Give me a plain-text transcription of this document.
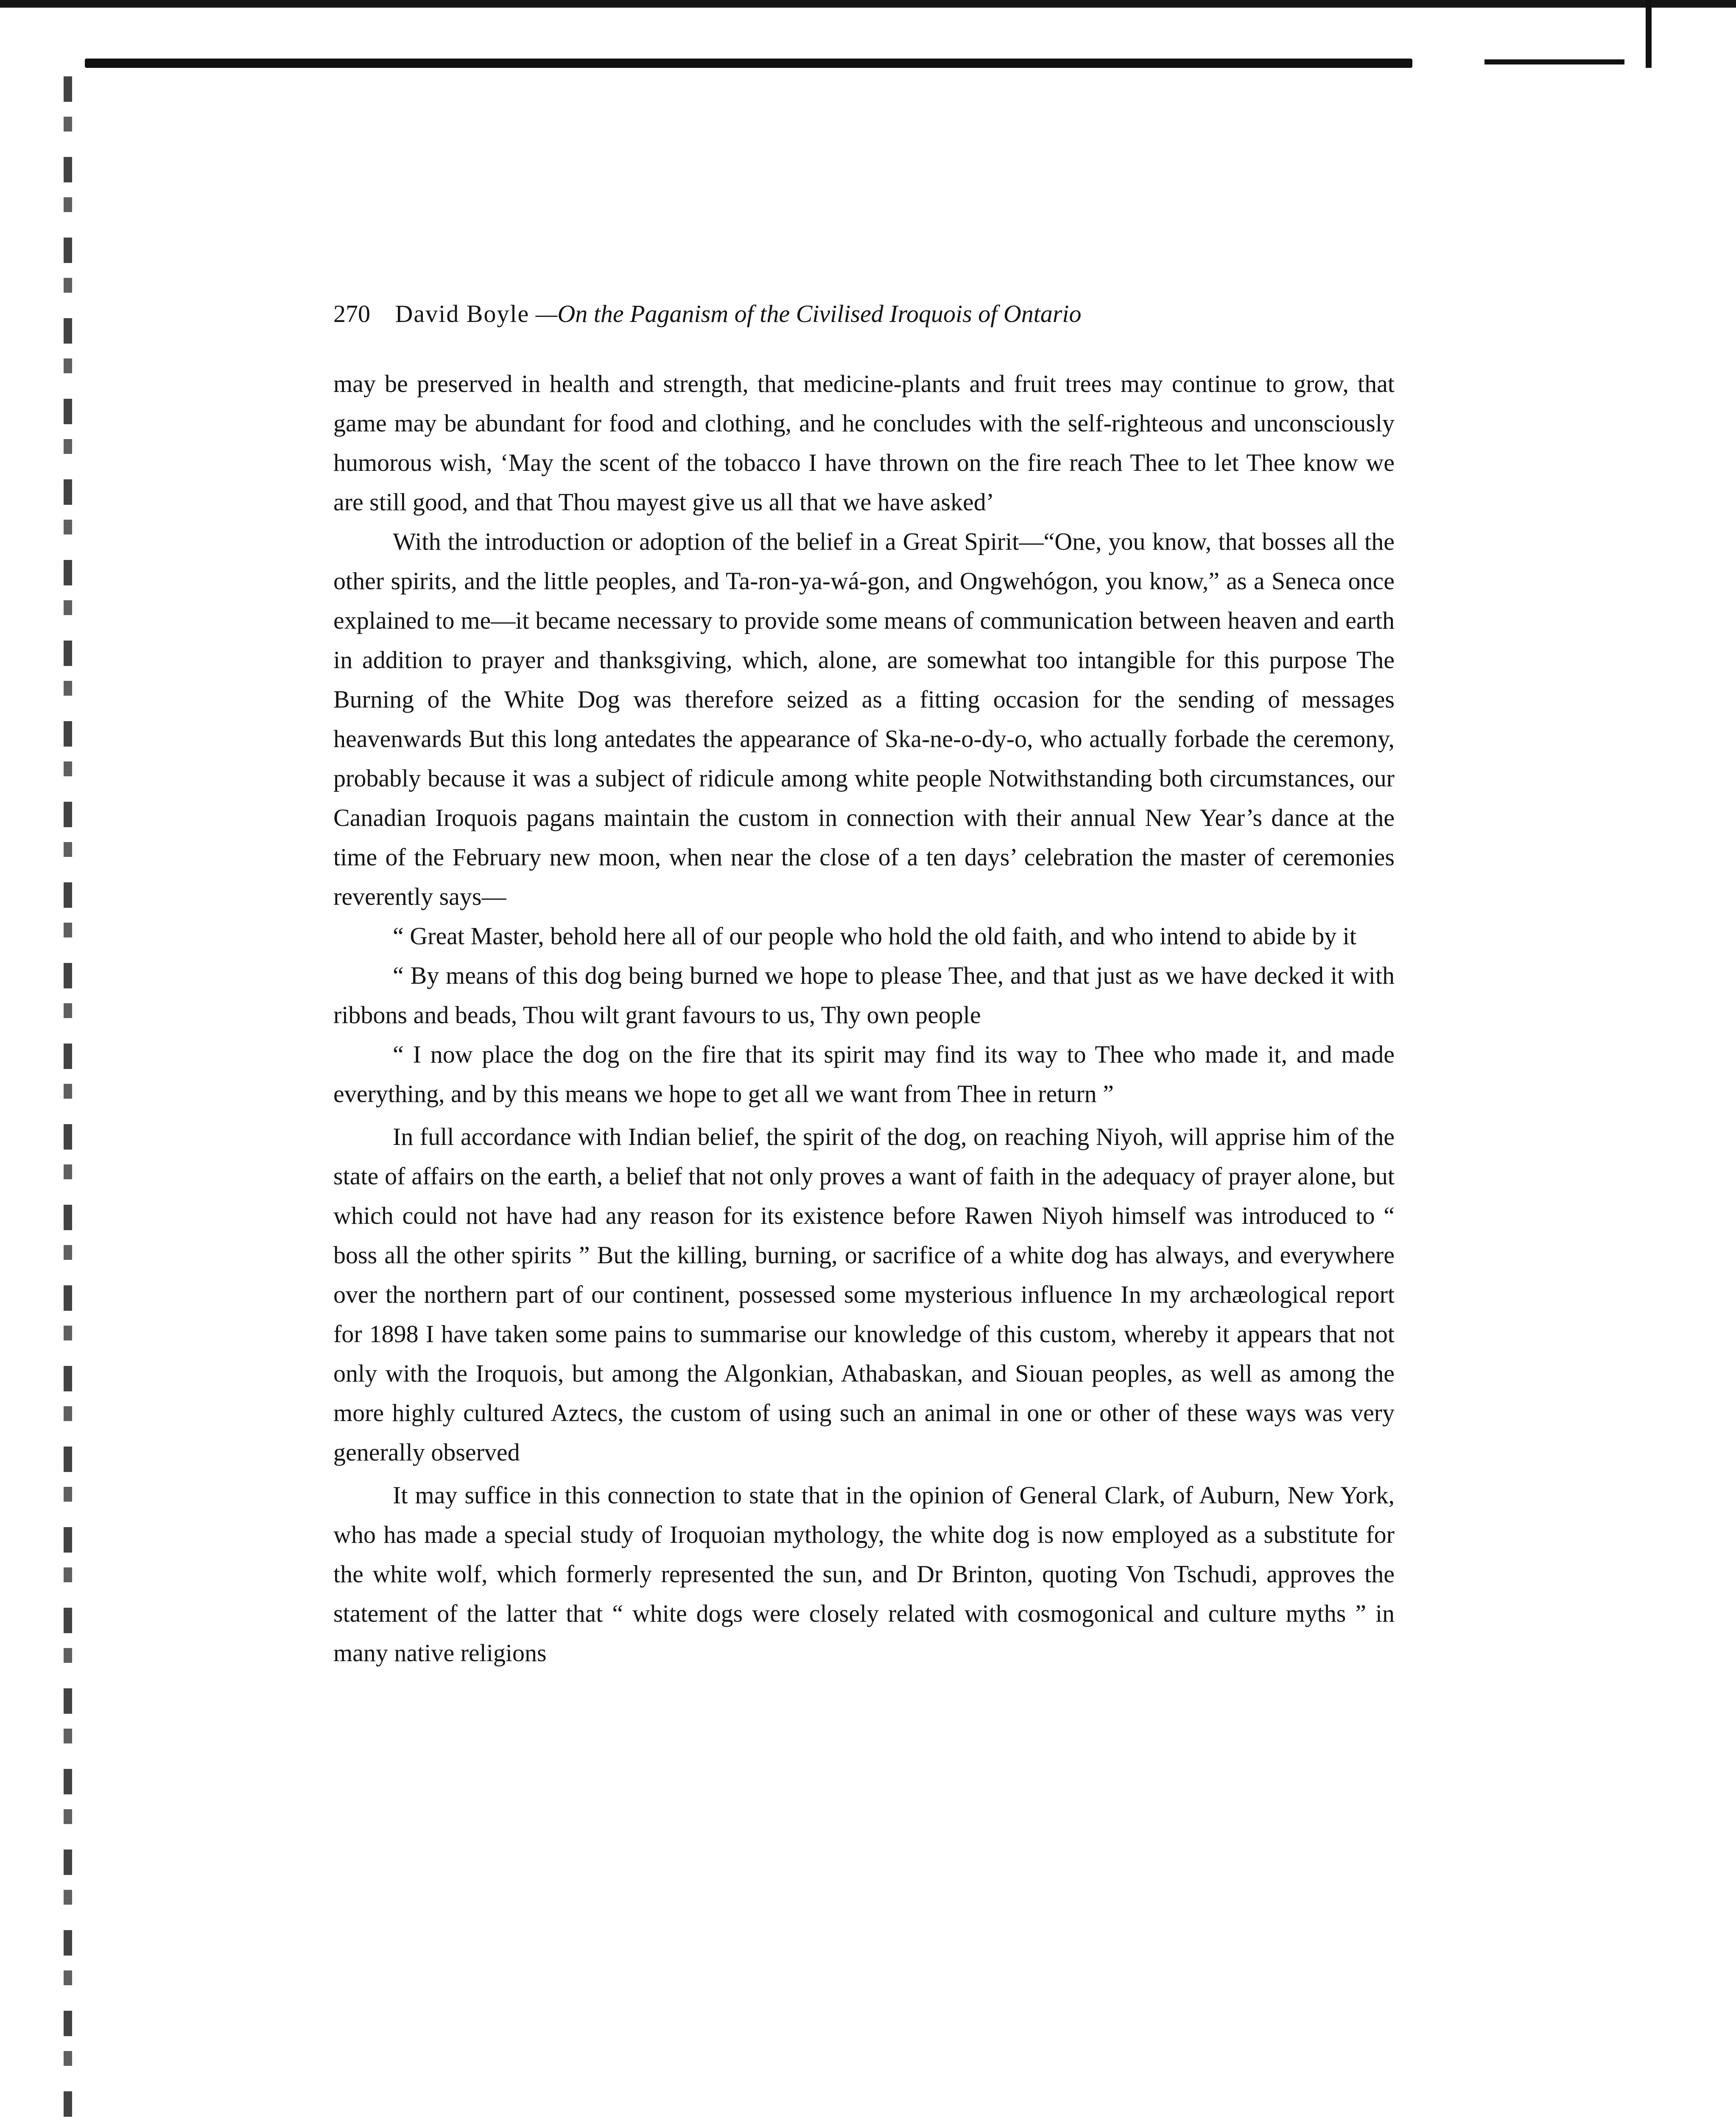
270 David Boyle —On the Paganism of the Civilised Iroquois of Ontario

may be preserved in health and strength, that medicine-plants and fruit trees may continue to grow, that game may be abundant for food and clothing, and he concludes with the self-righteous and unconsciously humorous wish, ‘May the scent of the tobacco I have thrown on the fire reach Thee to let Thee know we are still good, and that Thou mayest give us all that we have asked’

With the introduction or adoption of the belief in a Great Spirit—“One, you know, that bosses all the other spirits, and the little peoples, and Ta-ron-ya-wá-gon, and Ongwehógon, you know,” as a Seneca once explained to me—it became necessary to provide some means of communication between heaven and earth in addition to prayer and thanksgiving, which, alone, are somewhat too intangible for this purpose The Burning of the White Dog was therefore seized as a fitting occasion for the sending of messages heavenwards But this long antedates the appearance of Ska-ne-o-dy-o, who actually forbade the ceremony, probably because it was a subject of ridicule among white people Notwithstanding both circumstances, our Canadian Iroquois pagans maintain the custom in connection with their annual New Year’s dance at the time of the February new moon, when near the close of a ten days’ celebration the master of ceremonies reverently says—

“ Great Master, behold here all of our people who hold the old faith, and who intend to abide by it

“ By means of this dog being burned we hope to please Thee, and that just as we have decked it with ribbons and beads, Thou wilt grant favours to us, Thy own people

“ I now place the dog on the fire that its spirit may find its way to Thee who made it, and made everything, and by this means we hope to get all we want from Thee in return ”

In full accordance with Indian belief, the spirit of the dog, on reaching Niyoh, will apprise him of the state of affairs on the earth, a belief that not only proves a want of faith in the adequacy of prayer alone, but which could not have had any reason for its existence before Rawen Niyoh himself was introduced to “ boss all the other spirits ” But the killing, burning, or sacrifice of a white dog has always, and everywhere over the northern part of our continent, possessed some mysterious influence In my archæological report for 1898 I have taken some pains to summarise our knowledge of this custom, whereby it appears that not only with the Iroquois, but among the Algonkian, Athabaskan, and Siouan peoples, as well as among the more highly cultured Aztecs, the custom of using such an animal in one or other of these ways was very generally observed

It may suffice in this connection to state that in the opinion of General Clark, of Auburn, New York, who has made a special study of Iroquoian mythology, the white dog is now employed as a substitute for the white wolf, which formerly represented the sun, and Dr Brinton, quoting Von Tschudi, approves the statement of the latter that “ white dogs were closely related with cosmogonical and culture myths ” in many native religions
